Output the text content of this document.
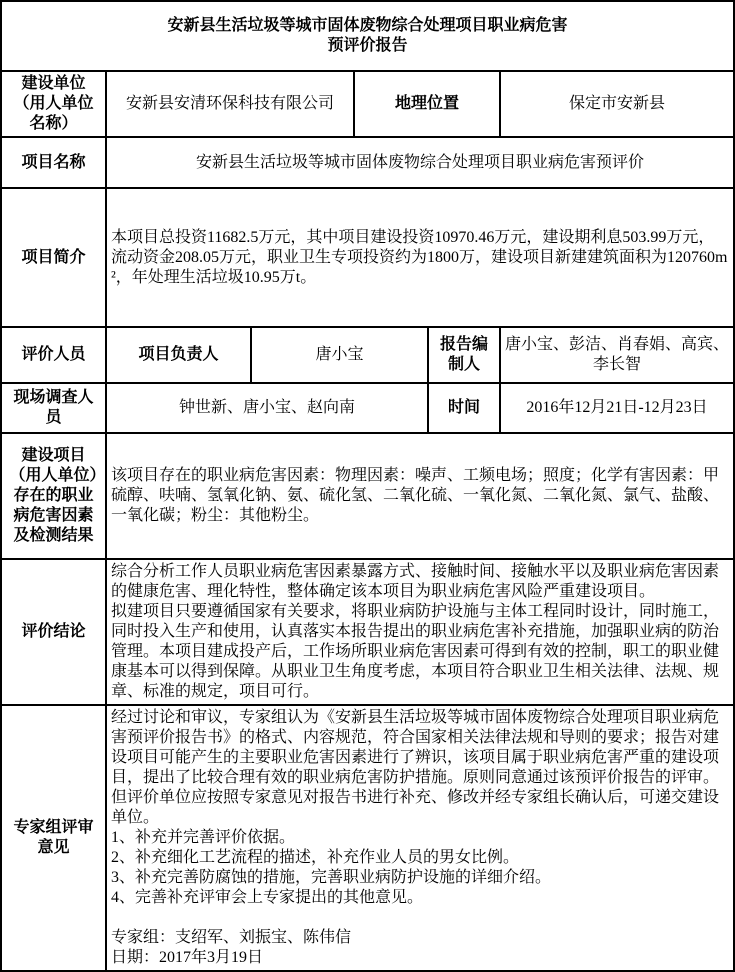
安新县生活垃圾等城市固体废物综合处理项目职业病危害
预评价报告					

建设单位（用人单位名称）	安新县安清环保科技有限公司		地理位置		保定市安新县
项目名称	安新县生活垃圾等城市固体废物综合处理项目职业病危害预评价				
项目简介	本项目总投资11682.5万元，其中项目建设投资10970.46万元，建设期利息503.99万元，流动资金208.05万元，职业卫生专项投资约为1800万，建设项目新建建筑面积为120760m²，年处理生活垃圾10.95万t。				
评价人员	项目负责人	唐小宝		报告编制人	唐小宝、彭洁、肖春娟、高宾、李长智
现场调查人员	钟世新、唐小宝、赵向南			时间	2016年12月21日-12月23日
建设项目（用人单位）存在的职业病危害因素及检测结果	该项目存在的职业病危害因素：物理因素：噪声、工频电场；照度；化学有害因素：甲硫醇、呋喃、氢氧化钠、氨、硫化氢、二氧化硫、一氧化氮、二氧化氮、氯气、盐酸、一氧化碳；粉尘：其他粉尘。				
评价结论	综合分析工作人员职业病危害因素暴露方式、接触时间、接触水平以及职业病危害因素的健康危害、理化特性，整体确定该本项目为职业病危害风险严重建设项目。
拟建项目只要遵循国家有关要求，将职业病防护设施与主体工程同时设计，同时施工，同时投入生产和使用，认真落实本报告提出的职业病危害补充措施，加强职业病的防治管理。本项目建成投产后，工作场所职业病危害因素可得到有效的控制，职工的职业健康基本可以得到保障。从职业卫生角度考虑，本项目符合职业卫生相关法律、法规、规章、标准的规定，项目可行。				

专家组评审意见	
经过讨论和审议，专家组认为《安新县生活垃圾等城市固体废物综合处理项目职业病危害预评价报告书》的格式、内容规范，符合国家相关法律法规和导则的要求；报告对建设项目可能产生的主要职业危害因素进行了辨识，该项目属于职业病危害严重的建设项目，提出了比较合理有效的职业病危害防护措施。原则同意通过该预评价报告的评审。但评价单位应按照专家意见对报告书进行补充、修改并经专家组长确认后，可递交建设单位。
1、补充并完善评价依据。
2、补充细化工艺流程的描述，补充作业人员的男女比例。
3、补充完善防腐蚀的措施，完善职业病防护设施的详细介绍。
4、完善补充评审会上专家提出的其他意见。
专家组：支绍军、刘振宝、陈伟信
日期：2017年3月19日
